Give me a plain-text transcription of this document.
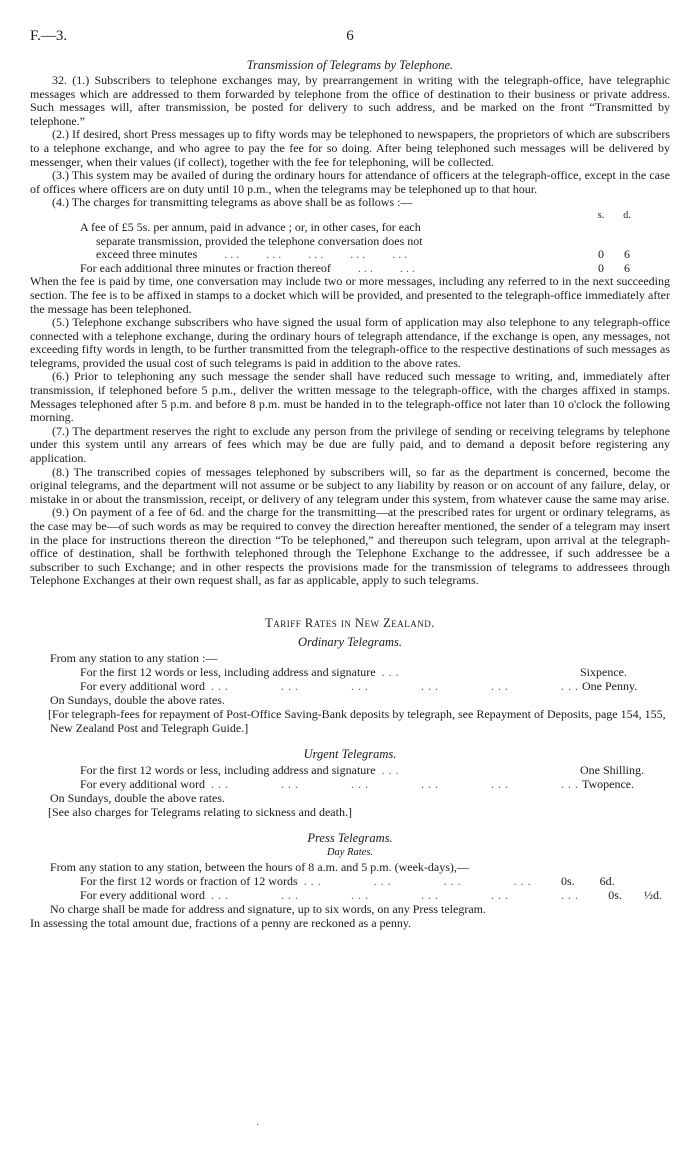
F.—3.	6
Transmission of Telegrams by Telephone.

32. (1.) Subscribers to telephone exchanges may, by prearrangement in writing with the telegraph-office, have telegraphic messages which are addressed to them forwarded by telephone from the office of destination to their business or private address. Such messages will, after transmission, be posted for delivery to such address, and be marked on the front “Transmitted by telephone.”

(2.) If desired, short Press messages up to fifty words may be telephoned to newspapers, the proprietors of which are subscribers to a telephone exchange, and who agree to pay the fee for so doing. After being telephoned such messages will be delivered by messenger, when their values (if collect), together with the fee for telephoning, will be collected.

(3.) This system may be availed of during the ordinary hours for attendance of officers at the telegraph-office, except in the case of offices where officers are on duty until 10 p.m., when the telegrams may be telephoned up to that hour.

(4.) The charges for transmitting telegrams as above shall be as follows :—

s.	d.
A fee of £5 5s. per annum, paid in advance ; or, in other cases, for each
separate transmission, provided the telephone conversation does not
exceed three minutes     ...    ...    ...    ...    ...	0	6
For each additional three minutes or fraction thereof     ...    ...	0	6

When the fee is paid by time, one conversation may include two or more messages, including any referred to in the next succeeding section. The fee is to be affixed in stamps to a docket which will be provided, and presented to the telegraph-office immediately after the message has been telephoned.

(5.) Telephone exchange subscribers who have signed the usual form of application may also telephone to any telegraph-office connected with a telephone exchange, during the ordinary hours of telegraph attendance, if the exchange is open, any messages, not exceeding fifty words in length, to be further transmitted from the telegraph-office to the respective destinations of such messages as telegrams, provided the usual cost of such telegrams is paid in addition to the above rates.

(6.) Prior to telephoning any such message the sender shall have reduced such message to writing, and, immediately after transmission, if telephoned before 5 p.m., deliver the written message to the telegraph-office, with the charges affixed in stamps. Messages telephoned after 5 p.m. and before 8 p.m. must be handed in to the telegraph-office not later than 10 o'clock the following morning.

(7.) The department reserves the right to exclude any person from the privilege of sending or receiving telegrams by telephone under this system until any arrears of fees which may be due are fully paid, and to demand a deposit before registering any application.

(8.) The transcribed copies of messages telephoned by subscribers will, so far as the department is concerned, become the original telegrams, and the department will not assume or be subject to any liability by reason or on account of any failure, delay, or mistake in or about the transmission, receipt, or delivery of any telegram under this system, from whatever cause the same may arise.

(9.) On payment of a fee of 6d. and the charge for the transmitting—at the prescribed rates for urgent or ordinary telegrams, as the case may be—of such words as may be required to convey the direction hereafter mentioned, the sender of a telegram may insert in the place for instructions thereon the direction “To be telephoned,” and thereupon such telegram, upon arrival at the telegraph-office of destination, shall be forthwith telephoned through the Telephone Exchange to the addressee, if such addressee be a subscriber to such Exchange; and in other respects the provisions made for the transmission of telegrams to addressees through Telephone Exchanges at their own request shall, as far as applicable, apply to such telegrams.

Tariff Rates in New Zealand.
Ordinary Telegrams.
From any station to any station :—
For the first 12 words or less, including address and signature ...	Sixpence.
For every additional word ...       ...       ...       ...       ...       ... One Penny.
On Sundays, double the above rates.
[For telegraph-fees for repayment of Post-Office Saving-Bank deposits by telegraph, see Repayment of Deposits, page 154, 155, New Zealand Post and Telegraph Guide.]
Urgent Telegrams.
For the first 12 words or less, including address and signature ...	One Shilling.
For every additional word ...       ...       ...       ...       ...       ... Twopence.
On Sundays, double the above rates.
[See also charges for Telegrams relating to sickness and death.]
Press Telegrams.
Day Rates.
From any station to any station, between the hours of 8 a.m. and 5 p.m. (week-days),—
For the first 12 words or fraction of 12 words ...       ...       ...       ...	0s.	6d.
For every additional word ...       ...       ...       ...       ...       ...	0s.	½d.
No charge shall be made for address and signature, up to six words, on any Press telegram.
In assessing the total amount due, fractions of a penny are reckoned as a penny.
·
